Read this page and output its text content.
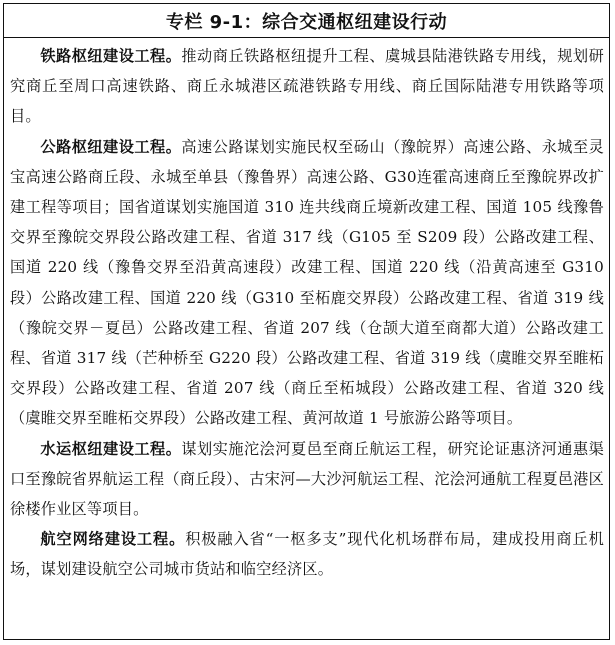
专栏 9-1：综合交通枢纽建设行动

铁路枢纽建设工程。推动商丘铁路枢纽提升工程、虞城县陆港铁路专用线，规划研究商丘至周口高速铁路、商丘永城港区疏港铁路专用线、商丘国际陆港专用铁路等项目。

公路枢纽建设工程。高速公路谋划实施民权至砀山（豫皖界）高速公路、永城至灵宝高速公路商丘段、永城至单县（豫鲁界）高速公路、G30连霍高速商丘至豫皖界改扩建工程等项目；国省道谋划实施国道 310 连共线商丘境新改建工程、国道 105 线豫鲁交界至豫皖交界段公路改建工程、省道 317 线（G105 至 S209 段）公路改建工程、国道 220 线（豫鲁交界至沿黄高速段）改建工程、国道 220 线（沿黄高速至 G310 段）公路改建工程、国道 220 线（G310 至柘鹿交界段）公路改建工程、省道 319 线（豫皖交界－夏邑）公路改建工程、省道 207 线（仓颉大道至商都大道）公路改建工程、省道 317 线（芒种桥至 G220 段）公路改建工程、省道 319 线（虞睢交界至睢柘交界段）公路改建工程、省道 207 线（商丘至柘城段）公路改建工程、省道 320 线（虞睢交界至睢柘交界段）公路改建工程、黄河故道 1 号旅游公路等项目。

水运枢纽建设工程。谋划实施沱浍河夏邑至商丘航运工程，研究论证惠济河通惠渠口至豫皖省界航运工程（商丘段）、古宋河—大沙河航运工程、沱浍河通航工程夏邑港区徐楼作业区等项目。

航空网络建设工程。积极融入省“一枢多支”现代化机场群布局，建成投用商丘机场，谋划建设航空公司城市货站和临空经济区。
